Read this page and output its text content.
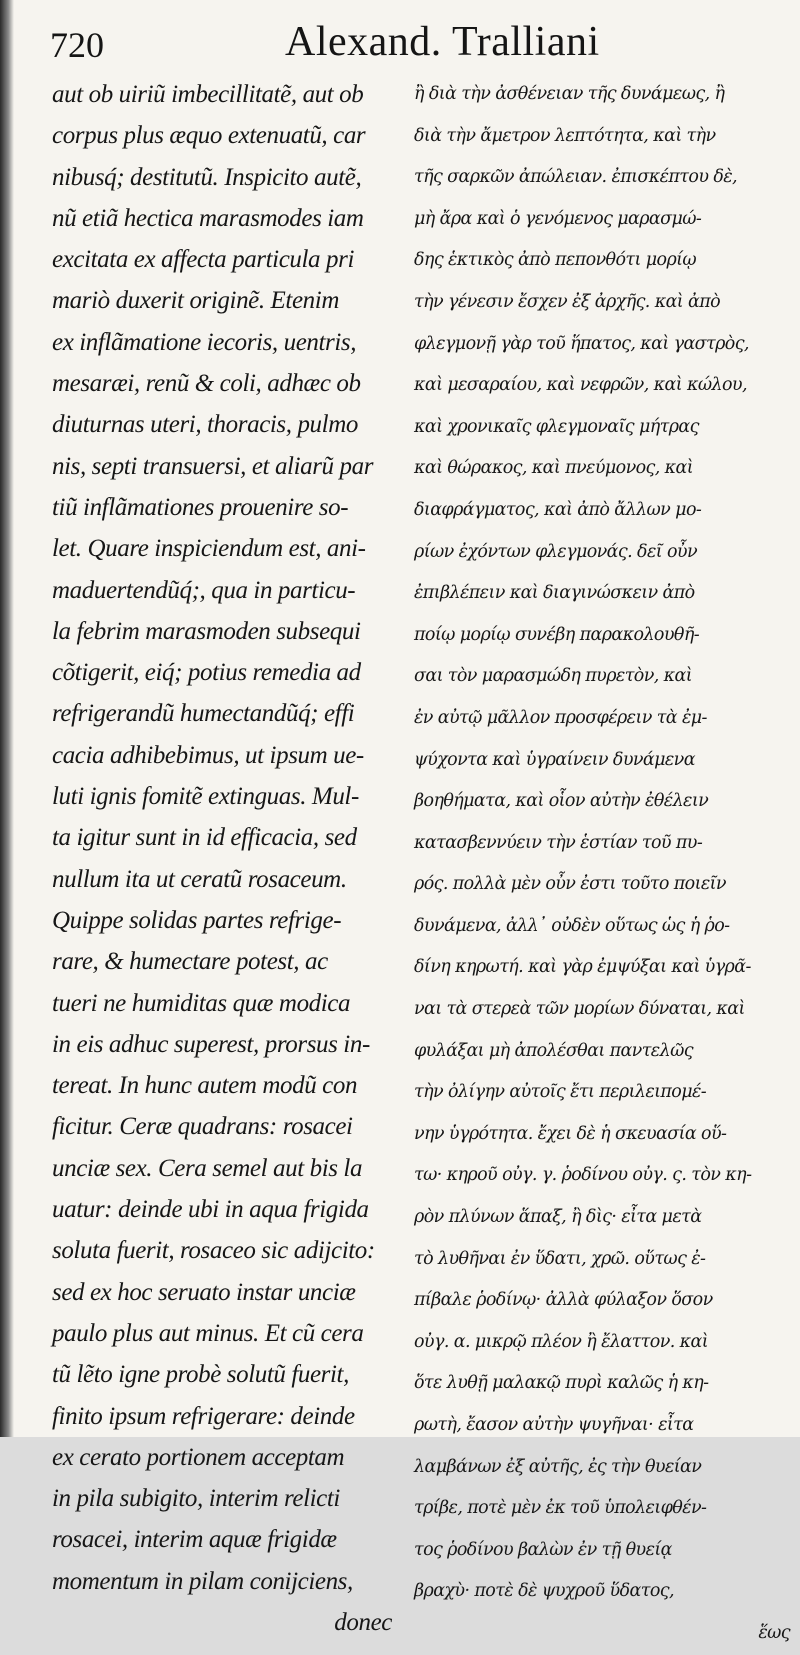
720	Alexand. Tralliani
aut ob uiriũ imbecillitatẽ, aut ob
corpus plus æquo extenuatũ, car
nibusq́; destitutũ. Inspicito autẽ,
nũ etiã hectica marasmodes iam
excitata ex affecta particula pri
mariò duxerit originẽ. Etenim
ex inflãmatione iecoris, uentris,
mesaræi, renũ & coli, adhæc ob
diuturnas uteri, thoracis, pulmo
nis, septi transuersi, et aliarũ par
tiũ inflãmationes prouenire so-
let. Quare inspiciendum est, ani-
maduertendũq́;, qua in particu-
la febrim marasmoden subsequi
cõtigerit, eiq́; potius remedia ad
refrigerandũ humectandũq́; effi
cacia adhibebimus, ut ipsum ue-
luti ignis fomitẽ extinguas. Mul-
ta igitur sunt in id efficacia, sed
nullum ita ut ceratũ rosaceum.
Quippe solidas partes refrige-
rare, & humectare potest, ac
tueri ne humiditas quæ modica
in eis adhuc superest, prorsus in-
tereat. In hunc autem modũ con
ficitur. Ceræ quadrans: rosacei
unciæ sex. Cera semel aut bis la
uatur: deinde ubi in aqua frigida
soluta fuerit, rosaceo sic adijcito:
sed ex hoc seruato instar unciæ
paulo plus aut minus. Et cũ cera
tũ lẽto igne probè solutũ fuerit,
finito ipsum refrigerare: deinde
ex cerato portionem acceptam
in pila subigito, interim relicti
rosacei, interim aquæ frigidæ
momentum in pilam conijciens,
donec
ἢ διὰ τὴν ἀσθένειαν τῆς δυνάμεως, ἢ
διὰ τὴν ἄμετρον λεπτότητα, καὶ τὴν
τῆς σαρκῶν ἀπώλειαν. ἐπισκέπτου δὲ,
μὴ ἄρα καὶ ὁ γενόμενος μαρασμώ-
δης ἑκτικὸς ἀπὸ πεπονθότι μορίῳ
τὴν γένεσιν ἔσχεν ἐξ ἀρχῆς. καὶ ἀπὸ
φλεγμονῇ γὰρ τοῦ ἥπατος, καὶ γαστρὸς,
καὶ μεσαραίου, καὶ νεφρῶν, καὶ κώλου,
καὶ χρονικαῖς φλεγμοναῖς μήτρας
καὶ θώρακος, καὶ πνεύμονος, καὶ
διαφράγματος, καὶ ἀπὸ ἄλλων μο-
ρίων ἐχόντων φλεγμονάς. δεῖ οὖν
ἐπιβλέπειν καὶ διαγινώσκειν ἀπὸ
ποίῳ μορίῳ συνέβη παρακολουθῆ-
σαι τὸν μαρασμώδη πυρετὸν, καὶ
ἐν αὐτῷ μᾶλλον προσφέρειν τὰ ἐμ-
ψύχοντα καὶ ὑγραίνειν δυνάμενα
βοηθήματα, καὶ οἷον αὐτὴν ἐθέλειν
κατασβεννύειν τὴν ἑστίαν τοῦ πυ-
ρός. πολλὰ μὲν οὖν ἐστι τοῦτο ποιεῖν
δυνάμενα, ἀλλ᾽ οὐδὲν οὕτως ὡς ἡ ῥο-
δίνη κηρωτή. καὶ γὰρ ἐμψύξαι καὶ ὑγρᾶ-
ναι τὰ στερεὰ τῶν μορίων δύναται, καὶ
φυλάξαι μὴ ἀπολέσθαι παντελῶς
τὴν ὀλίγην αὐτοῖς ἔτι περιλειπομέ-
νην ὑγρότητα. ἔχει δὲ ἡ σκευασία οὕ-
τω· κηροῦ οὐγ. γ. ῥοδίνου οὐγ. ς. τὸν κη-
ρὸν πλύνων ἅπαξ, ἢ δὶς· εἶτα μετὰ
τὸ λυθῆναι ἐν ὕδατι, χρῶ. οὕτως ἐ-
πίβαλε ῥοδίνῳ· ἀλλὰ φύλαξον ὅσον
οὐγ. α. μικρῷ πλέον ἢ ἔλαττον. καὶ
ὅτε λυθῇ μαλακῷ πυρὶ καλῶς ἡ κη-
ρωτὴ, ἔασον αὐτὴν ψυγῆναι· εἶτα
λαμβάνων ἐξ αὐτῆς, ἐς τὴν θυείαν
τρίβε, ποτὲ μὲν ἐκ τοῦ ὑπολειφθέν-
τος ῥοδίνου βαλὼν ἐν τῇ θυείᾳ
βραχὺ· ποτὲ δὲ ψυχροῦ ὕδατος,
ἕως
